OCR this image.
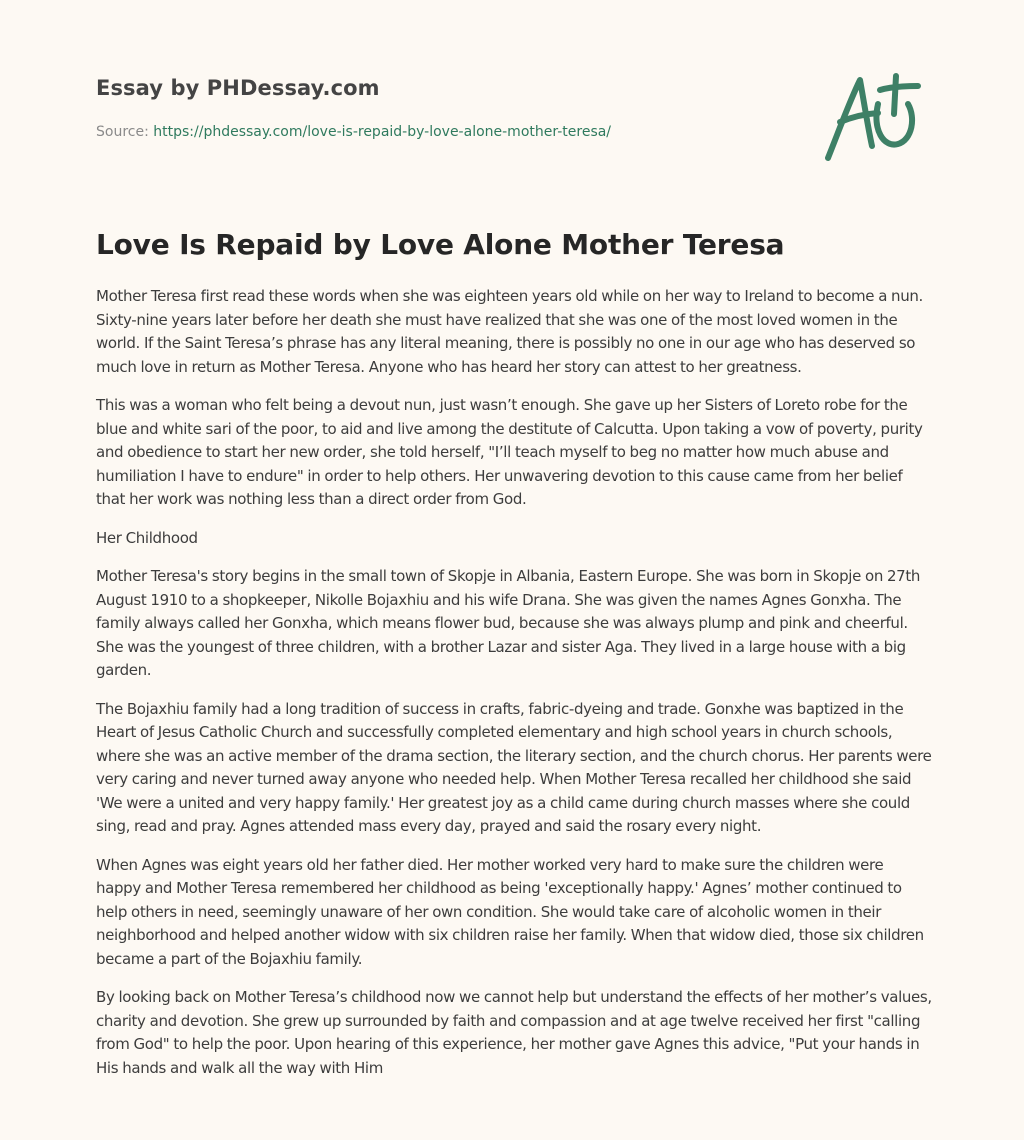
Essay by PHDessay.com

Source: https://phdessay.com/love-is-repaid-by-love-alone-mother-teresa/

Love Is Repaid by Love Alone Mother Teresa

Mother Teresa first read these words when she was eighteen years old while on her way to Ireland to become a nun. Sixty-nine years later before her death she must have realized that she was one of the most loved women in the world. If the Saint Teresa’s phrase has any literal meaning, there is possibly no one in our age who has deserved so much love in return as Mother Teresa. Anyone who has heard her story can attest to her greatness.

This was a woman who felt being a devout nun, just wasn’t enough. She gave up her Sisters of Loreto robe for the blue and white sari of the poor, to aid and live among the destitute of Calcutta. Upon taking a vow of poverty, purity and obedience to start her new order, she told herself, "I’ll teach myself to beg no matter how much abuse and humiliation I have to endure" in order to help others. Her unwavering devotion to this cause came from her belief that her work was nothing less than a direct order from God.

Her Childhood

Mother Teresa's story begins in the small town of Skopje in Albania, Eastern Europe. She was born in Skopje on 27th August 1910 to a shopkeeper, Nikolle Bojaxhiu and his wife Drana. She was given the names Agnes Gonxha. The family always called her Gonxha, which means flower bud, because she was always plump and pink and cheerful. She was the youngest of three children, with a brother Lazar and sister Aga. They lived in a large house with a big garden.

The Bojaxhiu family had a long tradition of success in crafts, fabric-dyeing and trade. Gonxhe was baptized in the Heart of Jesus Catholic Church and successfully completed elementary and high school years in church schools, where she was an active member of the drama section, the literary section, and the church chorus. Her parents were very caring and never turned away anyone who needed help. When Mother Teresa recalled her childhood she said 'We were a united and very happy family.' Her greatest joy as a child came during church masses where she could sing, read and pray. Agnes attended mass every day, prayed and said the rosary every night.

When Agnes was eight years old her father died. Her mother worked very hard to make sure the children were happy and Mother Teresa remembered her childhood as being 'exceptionally happy.' Agnes’ mother continued to help others in need, seemingly unaware of her own condition. She would take care of alcoholic women in their neighborhood and helped another widow with six children raise her family. When that widow died, those six children became a part of the Bojaxhiu family.

By looking back on Mother Teresa’s childhood now we cannot help but understand the effects of her mother’s values, charity and devotion. She grew up surrounded by faith and compassion and at age twelve received her first "calling from God" to help the poor. Upon hearing of this experience, her mother gave Agnes this advice, "Put your hands in His hands and walk all the way with Him
